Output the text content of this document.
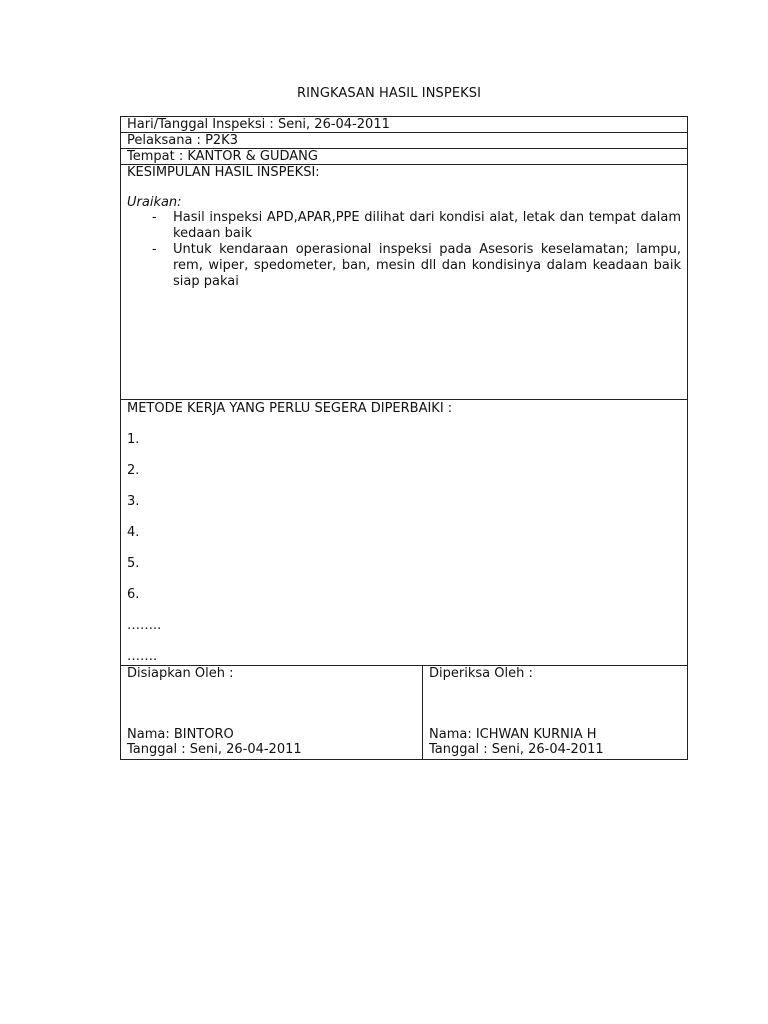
RINGKASAN HASIL INSPEKSI
Hari/Tanggal Inspeksi : Seni, 26-04-2011
Pelaksana : P2K3
Tempat : KANTOR & GUDANG
KESIMPULAN HASIL INSPEKSI:
Uraikan:
- Hasil inspeksi APD,APAR,PPE dilihat dari kondisi alat, letak dan tempat dalam kedaan baik
- Untuk kendaraan operasional inspeksi pada Asesoris keselamatan; lampu, rem, wiper, spedometer, ban, mesin dll dan kondisinya dalam keadaan baik siap pakai
METODE KERJA YANG PERLU SEGERA DIPERBAIKI :
1.
2.
3.
4.
5.
6.
……..
…….
Disiapkan Oleh :
Nama: BINTORO
Tanggal : Seni, 26-04-2011
Diperiksa Oleh :
Nama: ICHWAN KURNIA H
Tanggal : Seni, 26-04-2011
